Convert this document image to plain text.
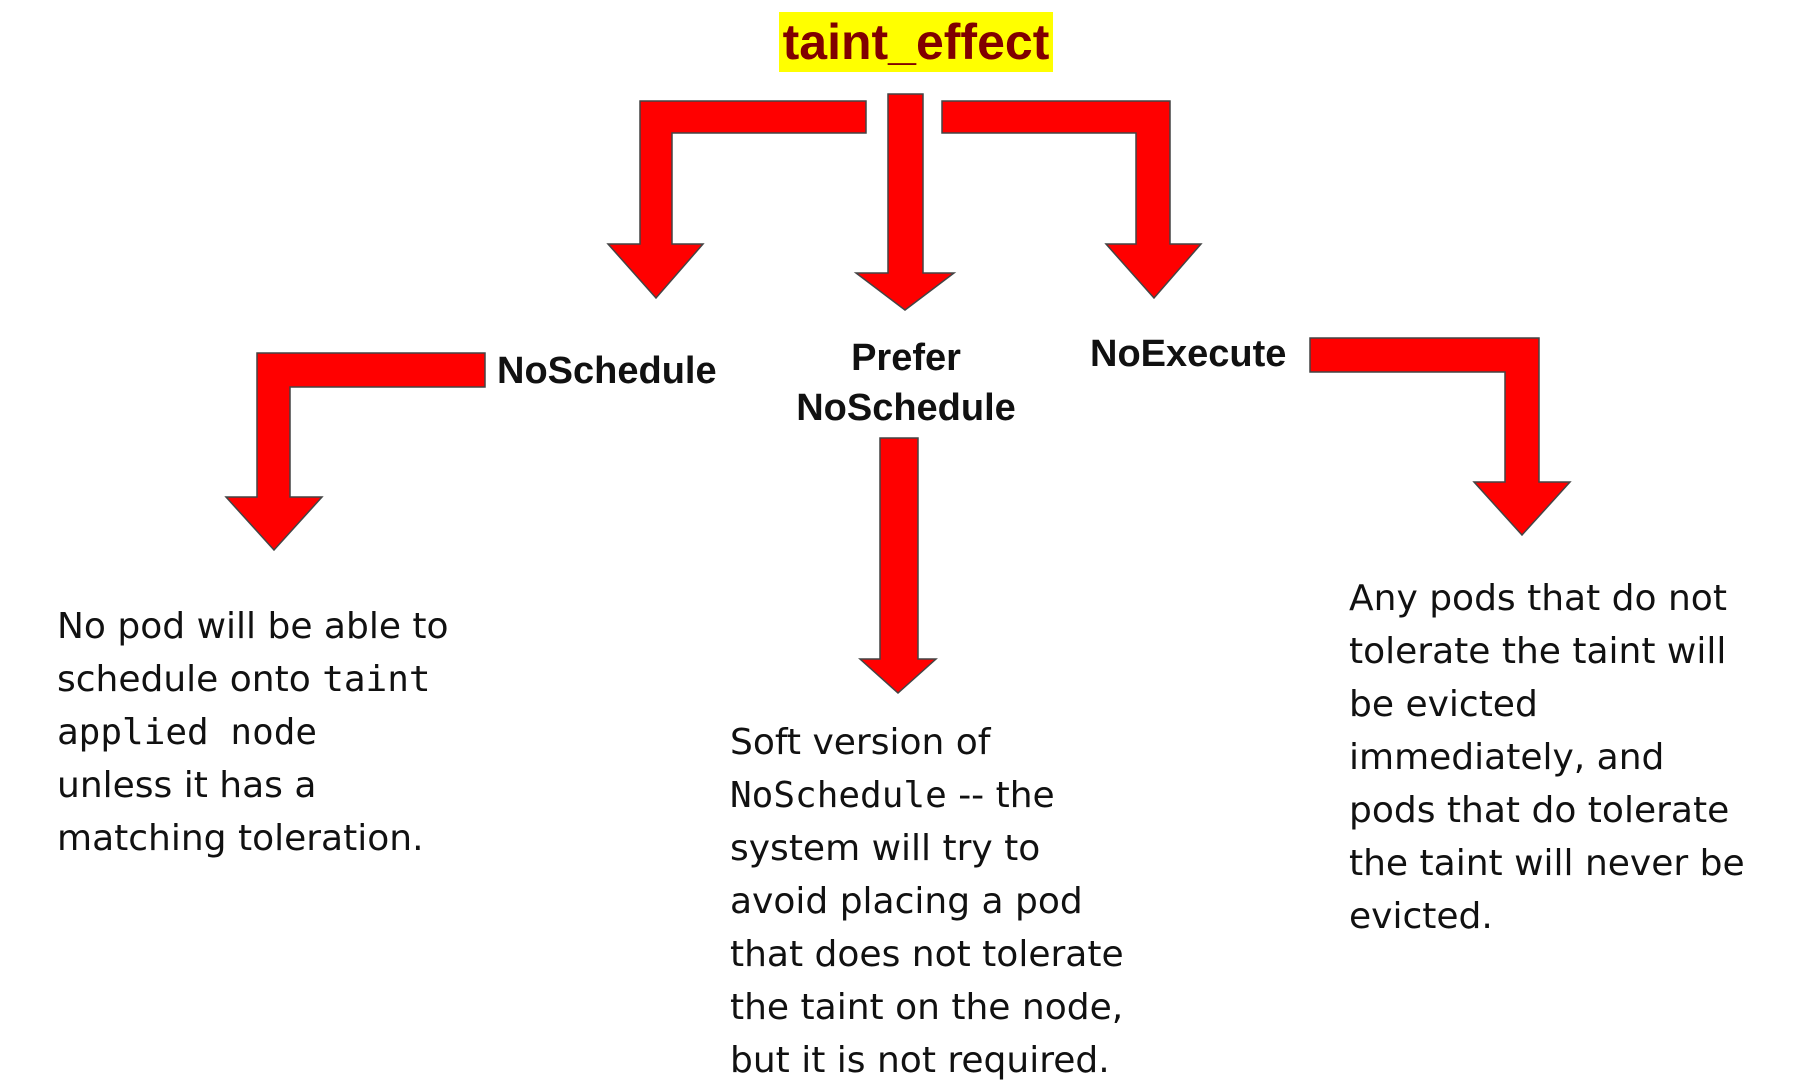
taint_effect
NoSchedule	Prefer
NoSchedule
NoExecute
No pod will be able to
schedule onto taint
applied node
unless it has a
matching toleration.
Soft version of
NoSchedule -- the
system will try to
avoid placing a pod
that does not tolerate
the taint on the node,
but it is not required.
Any pods that do not
tolerate the taint will
be evicted
immediately, and
pods that do tolerate
the taint will never be
evicted.
